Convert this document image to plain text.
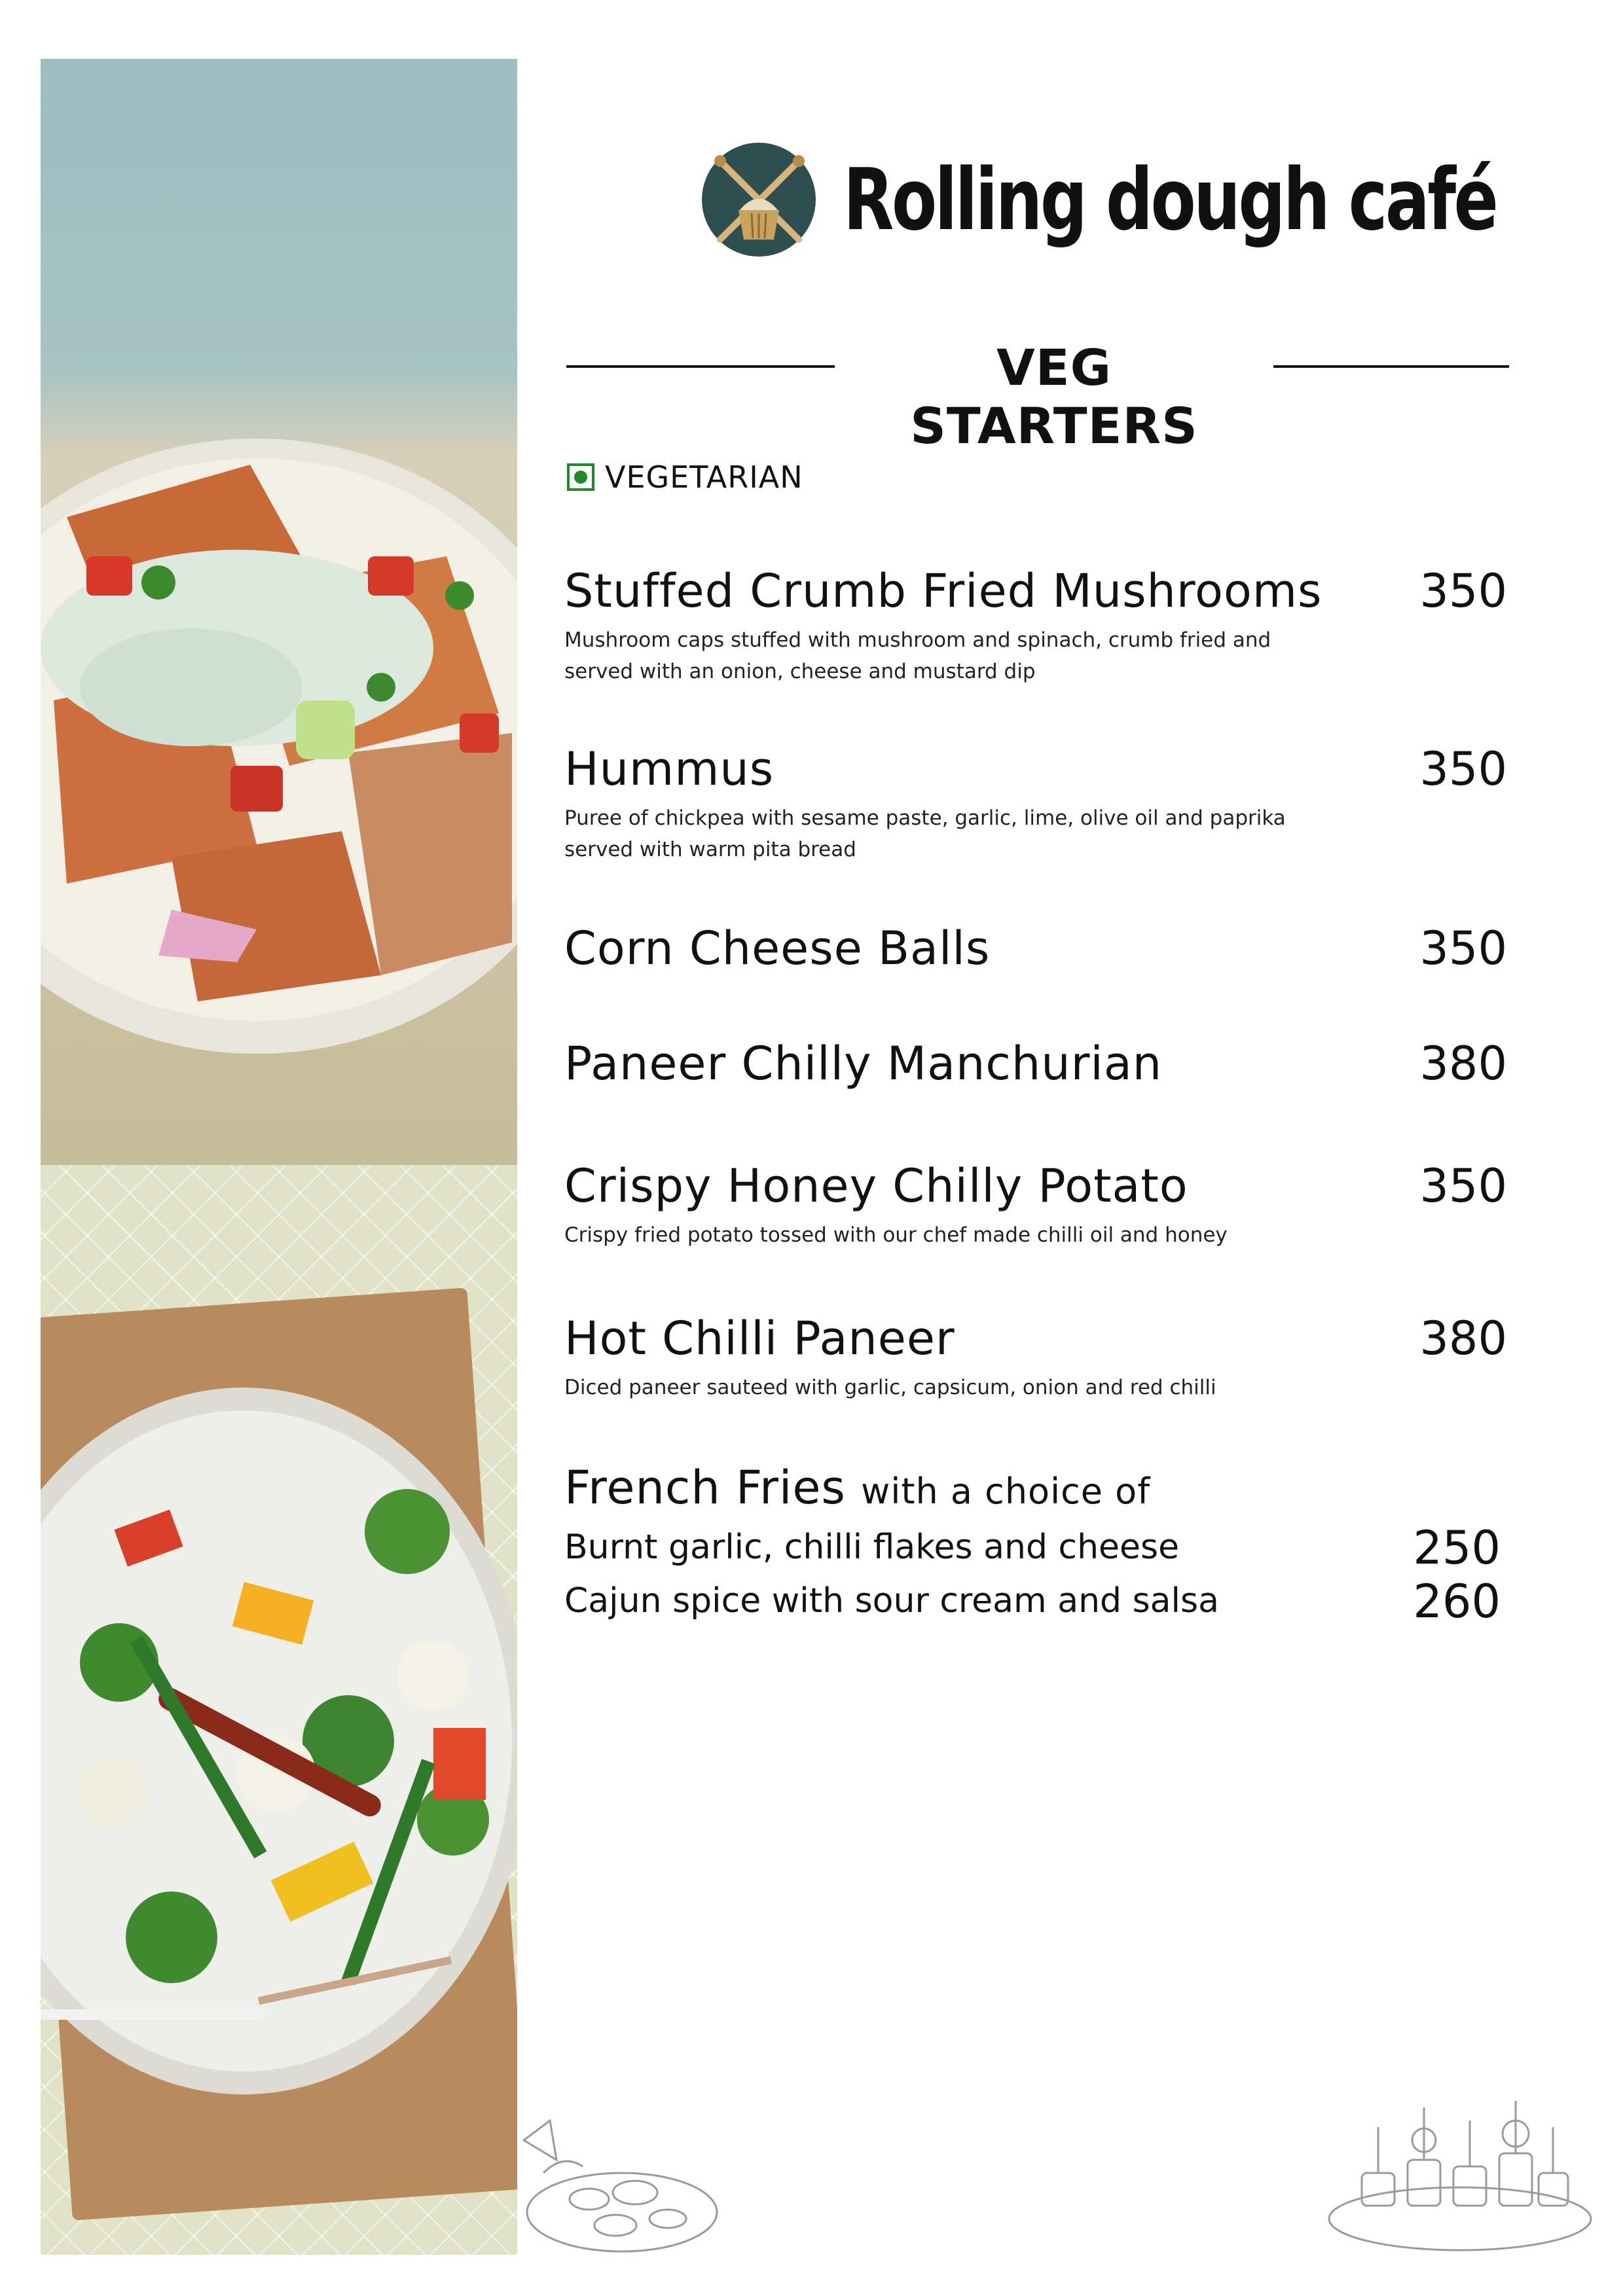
Rolling dough café
VEG STARTERS
VEGETARIAN
Stuffed Crumb Fried Mushrooms	350
Mushroom caps stuffed with mushroom and spinach, crumb fried and served with an onion, cheese and mustard dip
Hummus	350
Puree of chickpea with sesame paste, garlic, lime, olive oil and paprika served with warm pita bread
Corn Cheese Balls	350
Paneer Chilly Manchurian	380
Crispy Honey Chilly Potato	350
Crispy fried potato tossed with our chef made chilli oil and honey
Hot Chilli Paneer	380
Diced paneer sauteed with garlic, capsicum, onion and red chilli
French Fries with a choice of
Burnt garlic, chilli flakes and cheese	250
Cajun spice with sour cream and salsa	260
